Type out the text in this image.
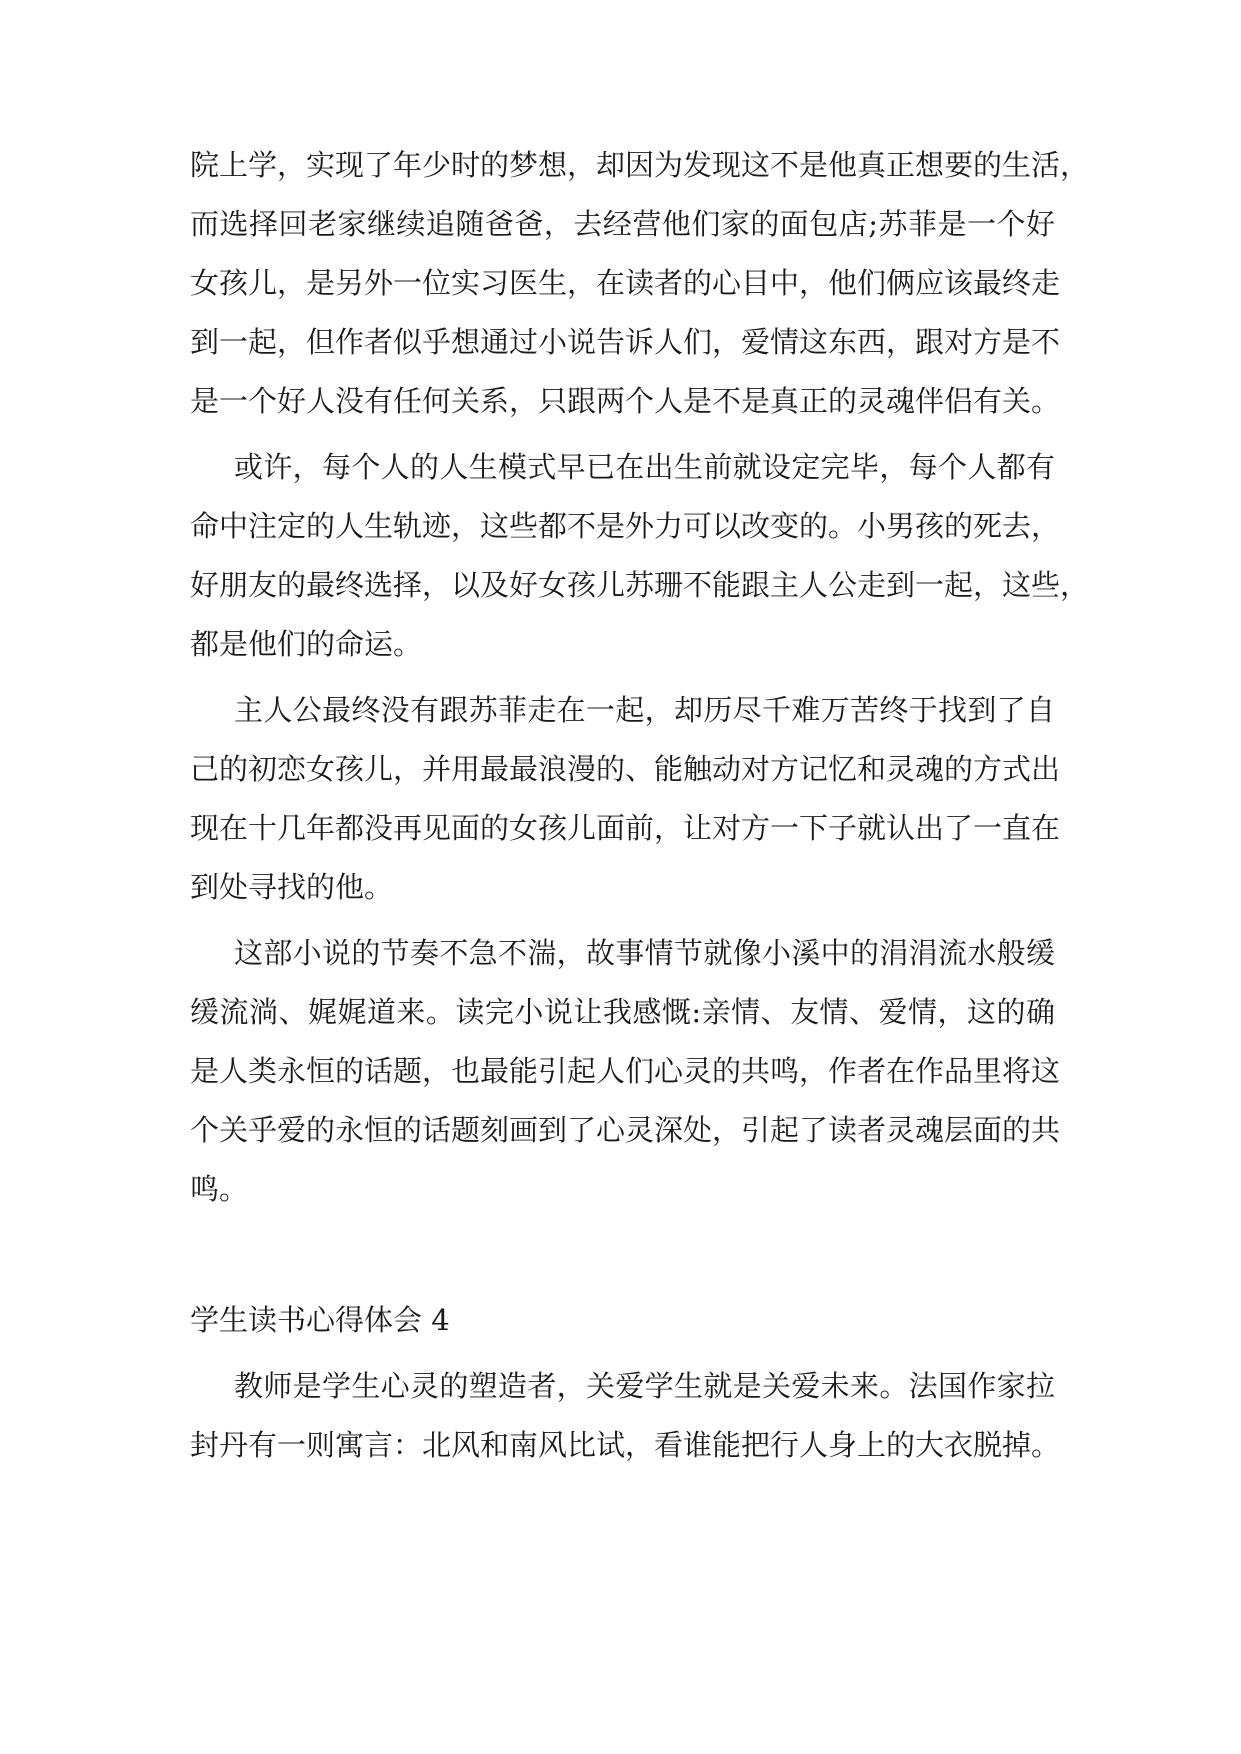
院上学，实现了年少时的梦想，却因为发现这不是他真正想要的生活，
而选择回老家继续追随爸爸，去经营他们家的面包店;苏菲是一个好
女孩儿，是另外一位实习医生，在读者的心目中，他们俩应该最终走
到一起，但作者似乎想通过小说告诉人们，爱情这东西，跟对方是不
是一个好人没有任何关系，只跟两个人是不是真正的灵魂伴侣有关。
或许，每个人的人生模式早已在出生前就设定完毕，每个人都有
命中注定的人生轨迹，这些都不是外力可以改变的。小男孩的死去，
好朋友的最终选择，以及好女孩儿苏珊不能跟主人公走到一起，这些，
都是他们的命运。
主人公最终没有跟苏菲走在一起，却历尽千难万苦终于找到了自
己的初恋女孩儿，并用最最浪漫的、能触动对方记忆和灵魂的方式出
现在十几年都没再见面的女孩儿面前，让对方一下子就认出了一直在
到处寻找的他。
这部小说的节奏不急不湍，故事情节就像小溪中的涓涓流水般缓
缓流淌、娓娓道来。读完小说让我感慨:亲情、友情、爱情，这的确
是人类永恒的话题，也最能引起人们心灵的共鸣，作者在作品里将这
个关乎爱的永恒的话题刻画到了心灵深处，引起了读者灵魂层面的共
鸣。
学生读书心得体会 4
教师是学生心灵的塑造者，关爱学生就是关爱未来。法国作家拉
封丹有一则寓言：北风和南风比试，看谁能把行人身上的大衣脱掉。
